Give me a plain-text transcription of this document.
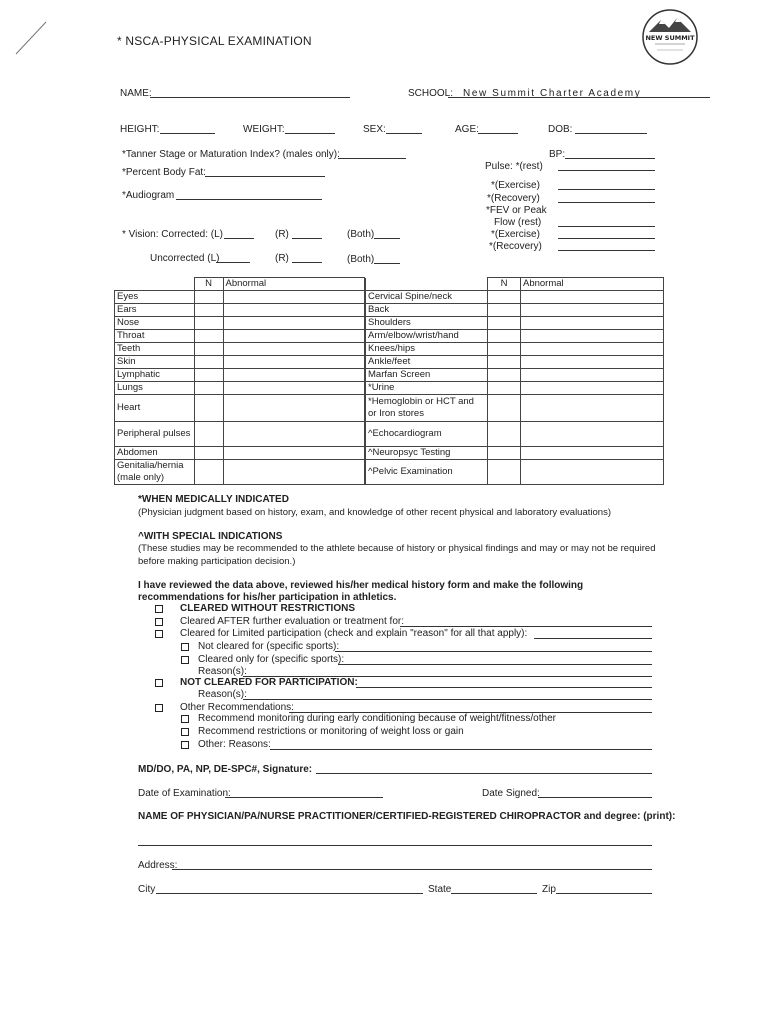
NEW SUMMIT
* NSCA-PHYSICAL EXAMINATION
NAME:	SCHOOL: New Summit Charter Academy
HEIGHT:	WEIGHT:	SEX:	AGE:	DOB:
*Tanner Stage or Maturation Index? (males only):	BP:
Pulse: *(rest)
*Percent Body Fat:
*Audiogram
*(Exercise)
*(Recovery)
*FEV or Peak
Flow (rest)
*(Exercise)
*(Recovery)
* Vision: Corrected: (L)	(R)	(Both)
Uncorrected (L)	(R)	(Both)
	N	Abnormal
Eyes		
Ears		
Nose		
Throat		
Teeth		
Skin		
Lymphatic		
Lungs		
Heart		
Peripheral pulses		
Abdomen		
Genitalia/hernia (male only)		
	N	Abnormal
Cervical Spine/neck		
Back		
Shoulders		
Arm/elbow/wrist/hand		
Knees/hips		
Ankle/feet		
Marfan Screen		
*Urine		
*Hemoglobin or HCT and or Iron stores		
^Echocardiogram		
^Neuropsyc Testing		
^Pelvic Examination		
*WHEN MEDICALLY INDICATED
(Physician judgment based on history, exam, and knowledge of other recent physical and laboratory evaluations)
^WITH SPECIAL INDICATIONS
(These studies may be recommended to the athlete because of history or physical findings and may or may not be required
before making participation decision.)
I have reviewed the data above, reviewed his/her medical history form and make the following
recommendations for his/her participation in athletics.
CLEARED WITHOUT RESTRICTIONS
Cleared AFTER further evaluation or treatment for:
Cleared for Limited participation (check and explain "reason" for all that apply):
Not cleared for (specific sports):
Cleared only for (specific sports):
Reason(s):
NOT CLEARED FOR PARTICIPATION:
Reason(s):
Other Recommendations:
Recommend monitoring during early conditioning because of weight/fitness/other
Recommend restrictions or monitoring of weight loss or gain
Other: Reasons:
MD/DO, PA, NP, DE-SPC#, Signature:
Date of Examination:	Date Signed:
NAME OF PHYSICIAN/PA/NURSE PRACTITIONER/CERTIFIED-REGISTERED CHIROPRACTOR and degree: (print):
Address:
City	State	Zip
